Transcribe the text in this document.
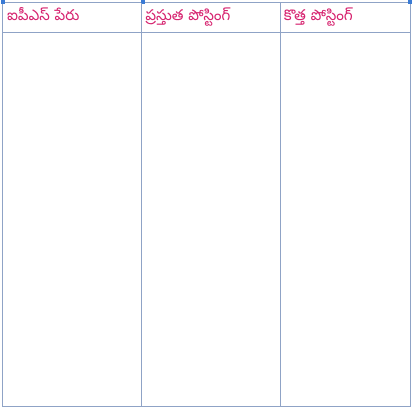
ఐపీఎస్ పేరు	ప్రస్తుత పోస్టింగ్	కొత్త పోస్టింగ్
